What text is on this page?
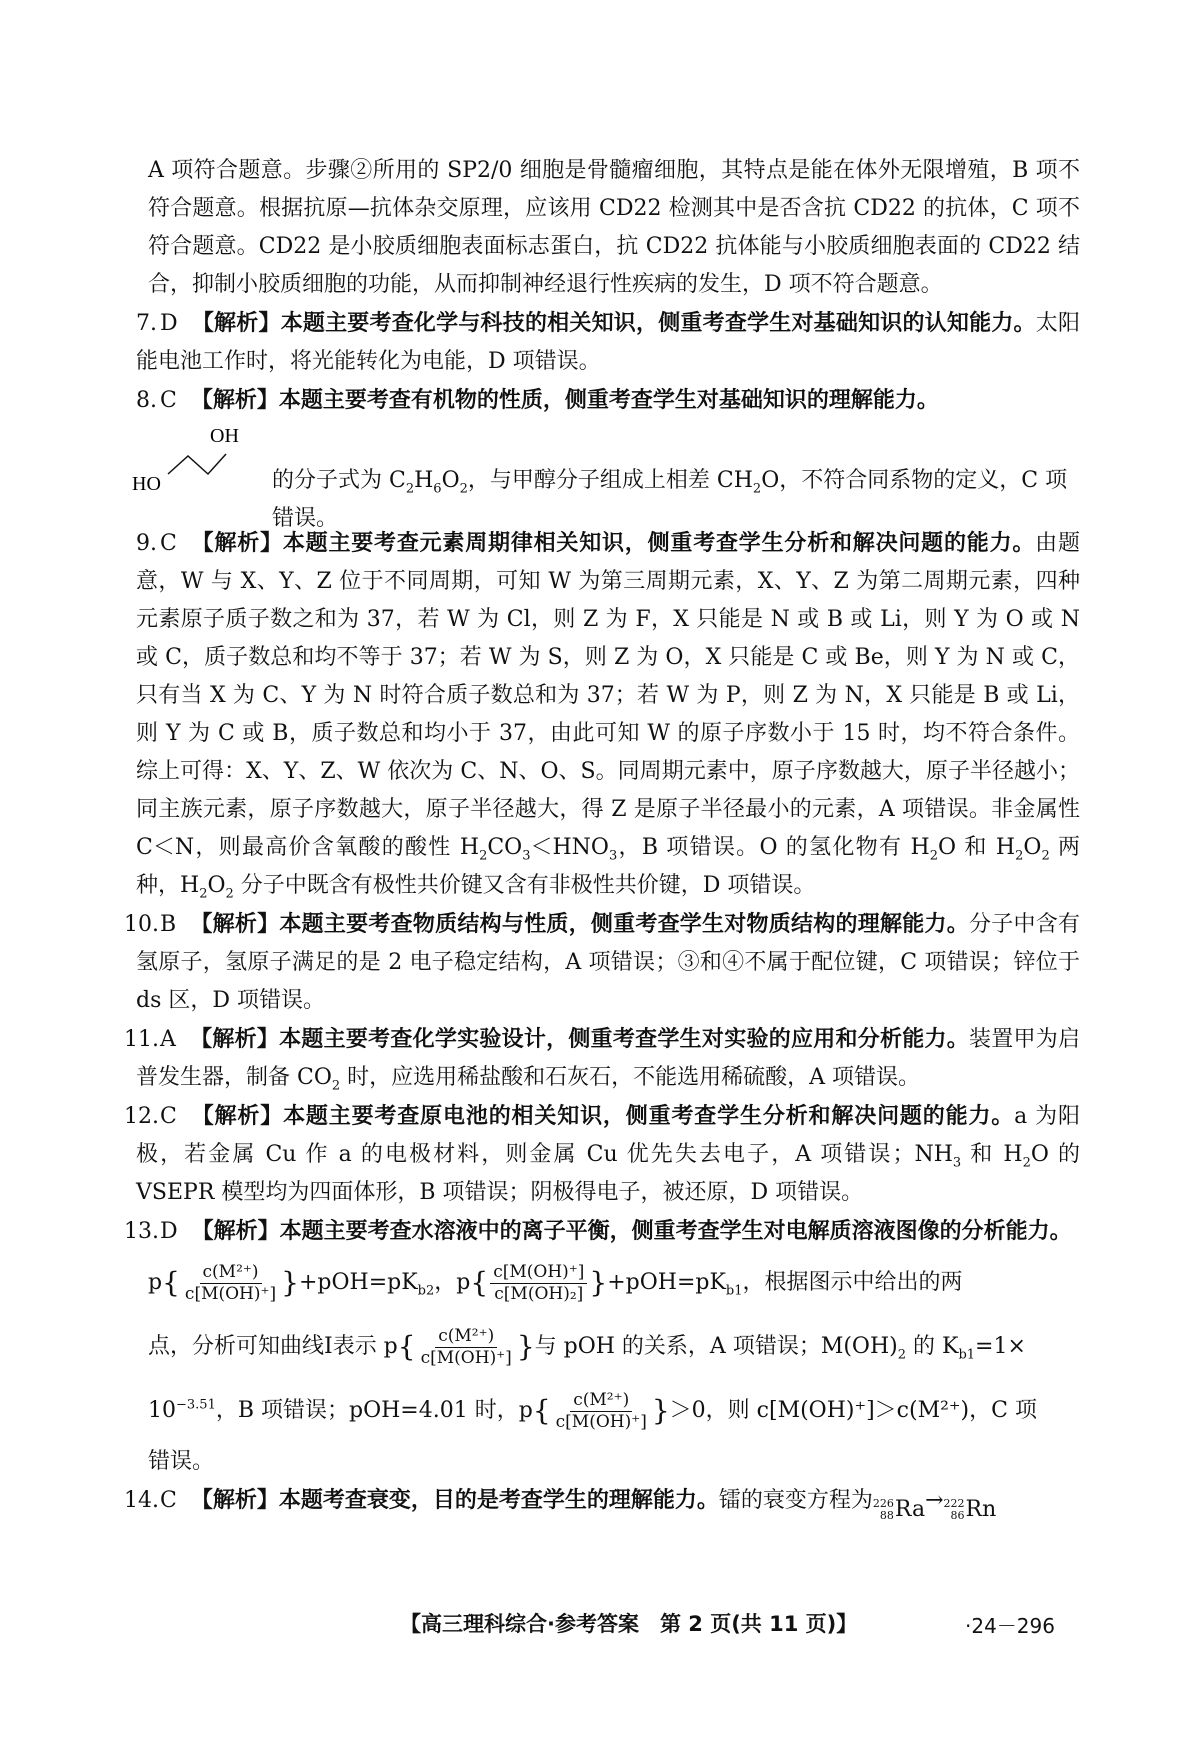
A 项符合题意。步骤②所用的 SP2/0 细胞是骨髓瘤细胞，其特点是能在体外无限增殖，B 项不符合题意。根据抗原—抗体杂交原理，应该用 CD22 检测其中是否含抗 CD22 的抗体，C 项不符合题意。CD22 是小胶质细胞表面标志蛋白，抗 CD22 抗体能与小胶质细胞表面的 CD22 结合，抑制小胶质细胞的功能，从而抑制神经退行性疾病的发生，D 项不符合题意。

7. D 【解析】本题主要考查化学与科技的相关知识，侧重考查学生对基础知识的认知能力。太阳能电池工作时，将光能转化为电能，D 项错误。
8. C 【解析】本题主要考查有机物的性质，侧重考查学生对基础知识的理解能力。
OH
HO	的分子式为 $C_2H_6O_2$，与甲醇分子组成上相差 $CH_2O$，不符合同系物的定义，C 项错误。
9. C 【解析】本题主要考查元素周期律相关知识，侧重考查学生分析和解决问题的能力。由题意，W 与 X、Y、Z 位于不同周期，可知 W 为第三周期元素，X、Y、Z 为第二周期元素，四种元素原子质子数之和为 37，若 W 为 Cl，则 Z 为 F，X 只能是 N 或 B 或 Li，则 Y 为 O 或 N 或 C，质子数总和均不等于 37；若 W 为 S，则 Z 为 O，X 只能是 C 或 Be，则 Y 为 N 或 C，只有当 X 为 C、Y 为 N 时符合质子数总和为 37；若 W 为 P，则 Z 为 N，X 只能是 B 或 Li，则 Y 为 C 或 B，质子数总和均小于 37，由此可知 W 的原子序数小于 15 时，均不符合条件。综上可得：X、Y、Z、W 依次为 C、N、O、S。同周期元素中，原子序数越大，原子半径越小；同主族元素，原子序数越大，原子半径越大，得 Z 是原子半径最小的元素，A 项错误。非金属性 C＜N，则最高价含氧酸的酸性 $H_2CO_3<HNO_3$，B 项错误。O 的氢化物有 $H_2O$ 和 $H_2O_2$ 两种，$H_2O_2$ 分子中既含有极性共价键又含有非极性共价键，D 项错误。
10.B 【解析】本题主要考查物质结构与性质，侧重考查学生对物质结构的理解能力。分子中含有氢原子，氢原子满足的是 2 电子稳定结构，A 项错误；③和④不属于配位键，C 项错误；锌位于 ds 区，D 项错误。
11.A 【解析】本题主要考查化学实验设计，侧重考查学生对实验的应用和分析能力。装置甲为启普发生器，制备 $CO_2$ 时，应选用稀盐酸和石灰石，不能选用稀硫酸，A 项错误。
12.C 【解析】本题主要考查原电池的相关知识，侧重考查学生分析和解决问题的能力。a 为阳极，若金属 Cu 作 a 的电极材料，则金属 Cu 优先失去电子，A 项错误；$NH_3$ 和 $H_2O$ 的 VSEPR 模型均为四面体形，B 项错误；阴极得电子，被还原，D 项错误。
13.D 【解析】本题主要考查水溶液中的离子平衡，侧重考查学生对电解质溶液图像的分析能力。
$p\{ \frac{\text{c(M²⁺)}}{c[M(OH)^+]} \}+pOH=pK_{b2}$，$p\{ \frac{c[M(OH)^+]}{\text{c[M(OH)₂]}} \}+pOH=pK_{b1}$，根据图示中给出的两
点，分析可知曲线Ⅰ表示 $p\{ \frac{\text{c(M²⁺)}}{c[M(OH)^+]}$ }与 pOH 的关系，A 项错误；$M(OH)_2$ 的 $K_{b1}=1\times$
$10^{-3.51}$，B 项错误；pOH=4.01 时，$p\{ \frac{\text{c(M²⁺)}}{c[M(OH)^+]} \}>0$，则 c[M(OH)⁺]＞c(M²⁺)，C 项
错误。
14.C 【解析】本题考查衰变，目的是考查学生的理解能力。镭的衰变方程为 226
88 Ra → 222
86 Rn
【高三理科综合·参考答案　第 2 页(共 11 页)】	·24－296
